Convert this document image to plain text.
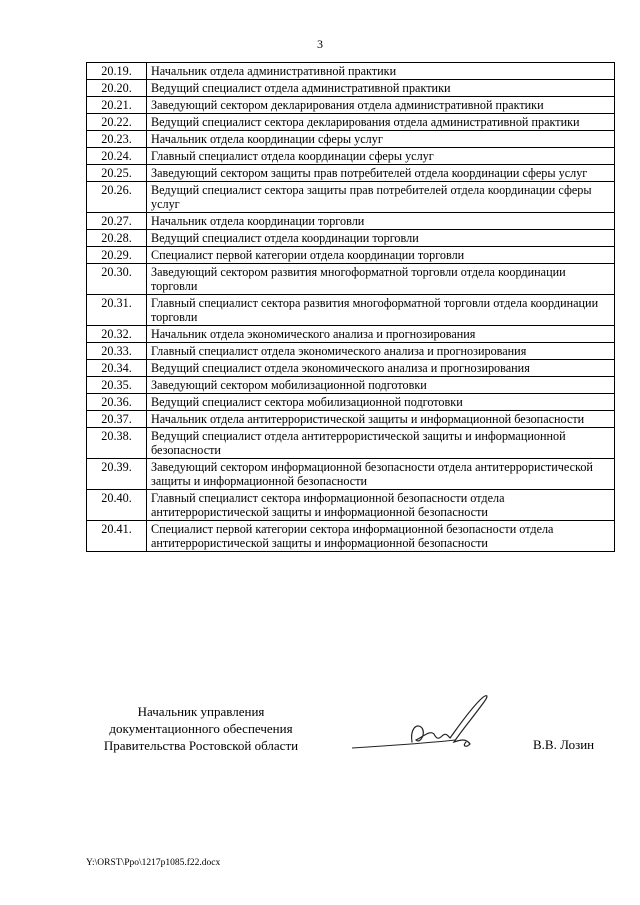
3
20.19.	Начальник отдела административной практики
20.20.	Ведущий специалист отдела административной практики
20.21.	Заведующий сектором декларирования отдела административной практики
20.22.	Ведущий специалист сектора декларирования отдела административной практики
20.23.	Начальник отдела координации сферы услуг
20.24.	Главный специалист отдела координации сферы услуг
20.25.	Заведующий сектором защиты прав потребителей отдела координации сферы услуг
20.26.	Ведущий специалист сектора защиты прав потребителей отдела координации сферы услуг
20.27.	Начальник отдела координации торговли
20.28.	Ведущий специалист отдела координации торговли
20.29.	Специалист первой категории отдела координации торговли
20.30.	Заведующий сектором развития многоформатной торговли отдела координации торговли
20.31.	Главный специалист сектора развития многоформатной торговли отдела координации торговли
20.32.	Начальник отдела экономического анализа и прогнозирования
20.33.	Главный специалист отдела экономического анализа и прогнозирования
20.34.	Ведущий специалист отдела экономического анализа и прогнозирования
20.35.	Заведующий сектором мобилизационной подготовки
20.36.	Ведущий специалист сектора мобилизационной подготовки
20.37.	Начальник отдела антитеррористической защиты и информационной безопасности
20.38.	Ведущий специалист отдела антитеррористической защиты и информационной безопасности
20.39.	Заведующий сектором информационной безопасности отдела антитеррористической защиты и информационной безопасности
20.40.	Главный специалист сектора информационной безопасности отдела антитеррористической защиты и информационной безопасности
20.41.	Специалист первой категории сектора информационной безопасности отдела антитеррористической защиты и информационной безопасности
Начальник управления
документационного обеспечения
Правительства Ростовской области	В.В. Лозин
Y:\ORST\Ppo\1217p1085.f22.docx
